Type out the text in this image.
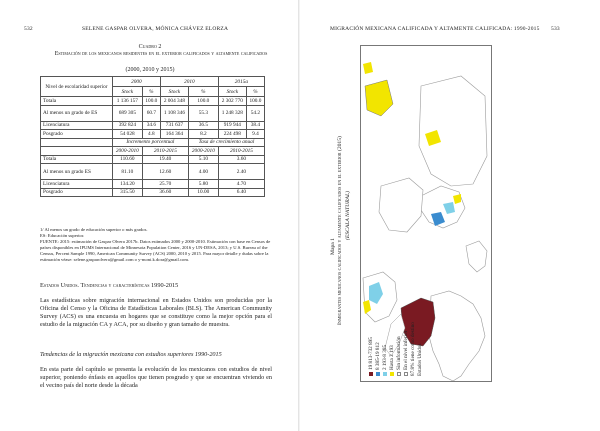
532	SELENE GASPAR OLVERA, MÓNICA CHÁVEZ ELORZA
Cuadro 2
Estimación de los mexicanos residentes en el exterior calificados y altamente calificados
(2000, 2010 y 2015)
Nivel de escolaridad superior	2000		2010		2015a	
	Stock	%	Stock	%	Stock	%
Totala	1 136 157	100.0	2 004 348	100.0	2 302 770	100.0
Al menos un grado de ES	689 305	60.7	1 108 346	55.3	1 248 328	54.2
Licenciatura	392 824	34.6	731 637	36.5	919 944	38.4
Posgrado	54 028	4.8	164 364	8.2	224 498	9.4
	Incremento porcentual			Tasa de crecimiento anual		
	2000-2010	2010-2015		2000-2010	2010-2015	
Totala	110.60	19.40		5.10	3.60	
Al menos un grado ES	81.10	12.60		4.00	2.40	
Licenciatura	134.20	25.70		5.80	4.70	
Posgrado	315.50	36.60		10.00	6.40	
1/ Al menos un grado de educación superior o más grados.
ES: Educación superior.
FUENTE: 2015: estimación de Gaspar Olvera 2017b. Datos estimados 2000 y 2000-2010. Estimación con base en Censos de países disponibles en IPUMS Internacional de Minnesota Population Center, 2016 y UN-DESA, 2013; y U.S. Bureau of the Census, Percent Sample 1990, American Community Survey (ACS) 2000, 2010 y 2015. Para mayor detalle y dudas sobre la estimación véase: selene.gasparolvera@gmail.com o y-moni.k.dora@gmail.com.
Estados Unidos. Tendencias y características 1990-2015

Las estadísticas sobre migración internacional en Estados Unidos son producidas por la Oficina del Censo y la Oficina de Estadísticas Laborales (BLS). The American Community Survey (ACS) es una encuesta en hogares que se constituye como la mejor opción para el estudio de la migración CA y ACA, por su diseño y gran tamaño de muestra.

Tendencias de la migración mexicana con estudios superiores 1990-2015

En esta parte del capítulo se presenta la evolución de los mexicanos con estudios de nivel superior, poniendo énfasis en aquellos que tienen posgrado y que se encuentran viviendo en el vecino país del norte desde la década

MIGRACIÓN MEXICANA CALIFICADA Y ALTAMENTE CALIFICADA: 1990-2015 533
Mapa 1 Inmigrantes mexicanos calificados y altamente calificados en el exterior (2015) (ESCALA NATURAL)
19 813-732 895 8 385-19 812 2 193-8 385 Hasta 2 193 Sin información En el nivel inferior 87.8% tiene como destino Estados Unidos
